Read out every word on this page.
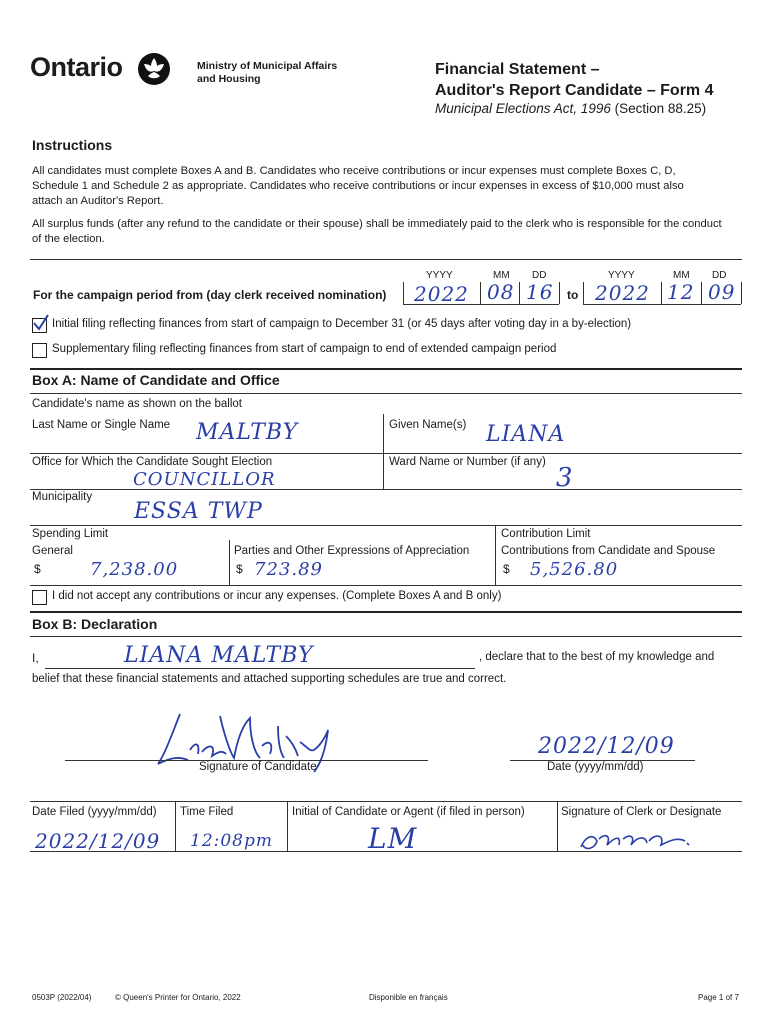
Ontario	Ministry of Municipal Affairs
and Housing
Financial Statement –
Auditor's Report Candidate – Form 4
Municipal Elections Act, 1996 (Section 88.25)
Instructions
All candidates must complete Boxes A and B. Candidates who receive contributions or incur expenses must complete Boxes C, D, Schedule 1 and Schedule 2 as appropriate. Candidates who receive contributions or incur expenses in excess of $10,000 must also attach an Auditor's Report.
All surplus funds (after any refund to the candidate or their spouse) shall be immediately paid to the clerk who is responsible for the conduct of the election.
YYYY	MM DD	YYYY	MM DD
For the campaign period from (day clerk received nomination) 2022 08 16 to 2022 12 09
Initial filing reflecting finances from start of campaign to December 31 (or 45 days after voting day in a by-election)
Supplementary filing reflecting finances from start of campaign to end of extended campaign period
Box A: Name of Candidate and Office
Candidate's name as shown on the ballot
Last Name or Single Name MALTBY	Given Name(s) LIANA
Office for Which the Candidate Sought Election
COUNCILLOR
Ward Name or Number (if any)
3
Municipality
ESSA TWP
Spending Limit	Contribution Limit
General	Parties and Other Expressions of Appreciation	Contributions from Candidate and Spouse
$	7,238.00	$ 723.89	$ 5,526.80
I did not accept any contributions or incur any expenses. (Complete Boxes A and B only)
Box B: Declaration
I,	LIANA MALTBY	, declare that to the best of my knowledge and
belief that these financial statements and attached supporting schedules are true and correct.
Signature of Candidate
2022/12/09
Date (yyyy/mm/dd)
Date Filed (yyyy/mm/dd)
2022/12/09
Time Filed
12:08pm
Initial of Candidate or Agent (if filed in person)
LM
Signature of Clerk or Designate
0503P (2022/04)	© Queen's Printer for Ontario, 2022	Disponible en français	Page 1 of 7
